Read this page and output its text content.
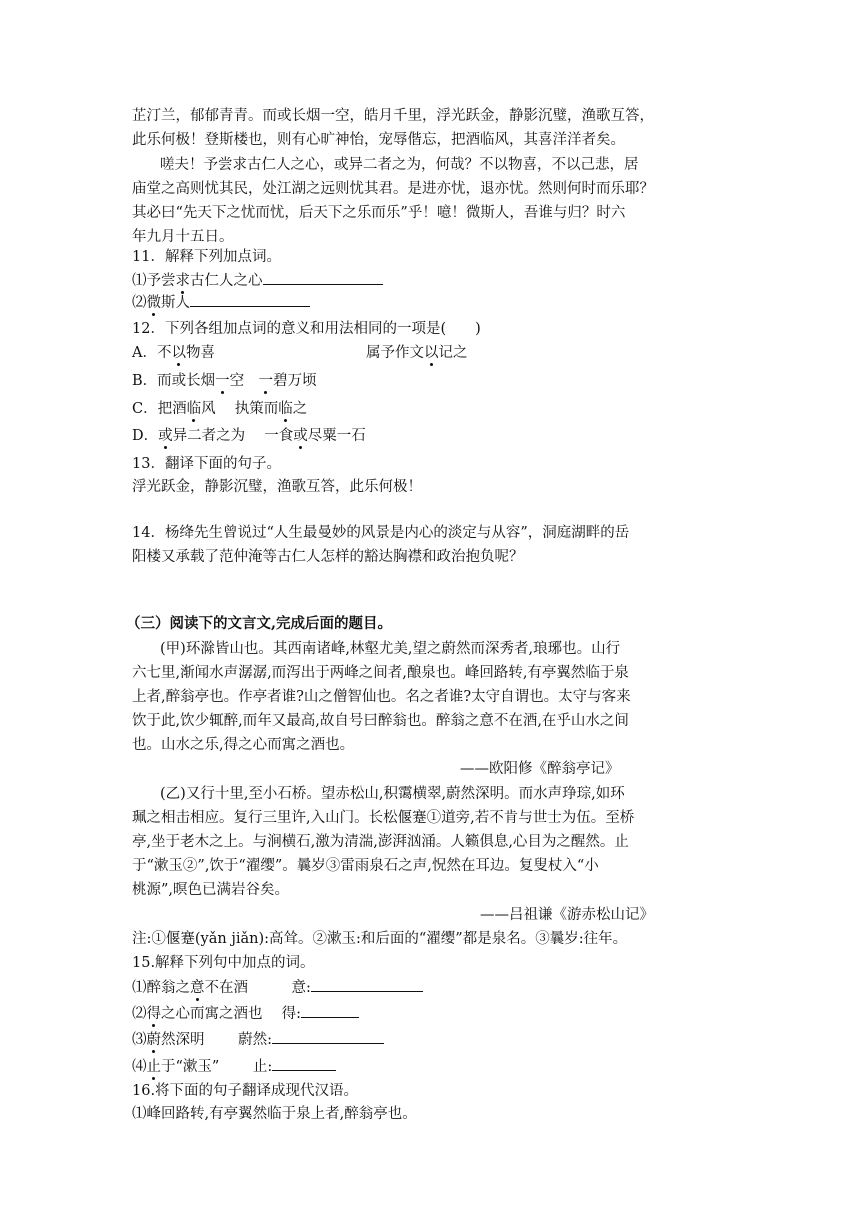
芷汀兰，郁郁青青。而或长烟一空，皓月千里，浮光跃金，静影沉璧，渔歌互答，
此乐何极！登斯楼也，则有心旷神怡，宠辱偕忘，把酒临风，其喜洋洋者矣。
嗟夫！予尝求古仁人之心，或异二者之为，何哉？不以物喜，不以己悲，居
庙堂之高则忧其民，处江湖之远则忧其君。是进亦忧，退亦忧。然则何时而乐耶？
其必曰“先天下之忧而忧，后天下之乐而乐”乎！噫！微斯人，吾谁与归？时六
年九月十五日。
11．解释下列加点词。
⑴予尝求古仁人之心
⑵微斯人
12．下列各组加点词的意义和用法相同的一项是(　　)
A．不以物喜	属予作文以记之
B．而或长烟一空　一碧万顷
C．把酒临风　 执策而临之
D．或异二者之为　 一食或尽粟一石
13．翻译下面的句子。
浮光跃金，静影沉璧，渔歌互答，此乐何极！
14．杨绛先生曾说过“人生最曼妙的风景是内心的淡定与从容”，洞庭湖畔的岳
阳楼又承载了范仲淹等古仁人怎样的豁达胸襟和政治抱负呢？
（三）阅读下的文言文,完成后面的题目。
(甲)环滁皆山也。其西南诸峰,林壑尤美,望之蔚然而深秀者,琅琊也。山行
六七里,渐闻水声潺潺,而泻出于两峰之间者,酿泉也。峰回路转,有亭翼然临于泉
上者,醉翁亭也。作亭者谁?山之僧智仙也。名之者谁?太守自谓也。太守与客来
饮于此,饮少辄醉,而年又最高,故自号曰醉翁也。醉翁之意不在酒,在乎山水之间
也。山水之乐,得之心而寓之酒也。
——欧阳修《醉翁亭记》
(乙)又行十里,至小石桥。望赤松山,积霭横翠,蔚然深明。而水声琤琮,如环
珮之相击相应。复行三里许,入山门。长松偃蹇①道旁,若不肯与世士为伍。至桥
亭,坐于老木之上。与涧横石,激为清湍,澎湃汹涌。人籁俱息,心目为之醒然。止
于“漱玉②”,饮于“濯缨”。曩岁③雷雨泉石之声,怳然在耳边。复叟杖入“小
桃源”,暝色已满岩谷矣。
——吕祖谦《游赤松山记》
注:①偃蹇(yǎn jiǎn):高耸。②漱玉:和后面的“濯缨”都是泉名。③曩岁:往年。
15.解释下列句中加点的词。
⑴醉翁之意不在酒　　　意:
⑵得之心而寓之酒也　 得:
⑶蔚然深明　　 蔚然:
⑷止于“漱玉”　　 止:
16.将下面的句子翻译成现代汉语。
⑴峰回路转,有亭翼然临于泉上者,醉翁亭也。
